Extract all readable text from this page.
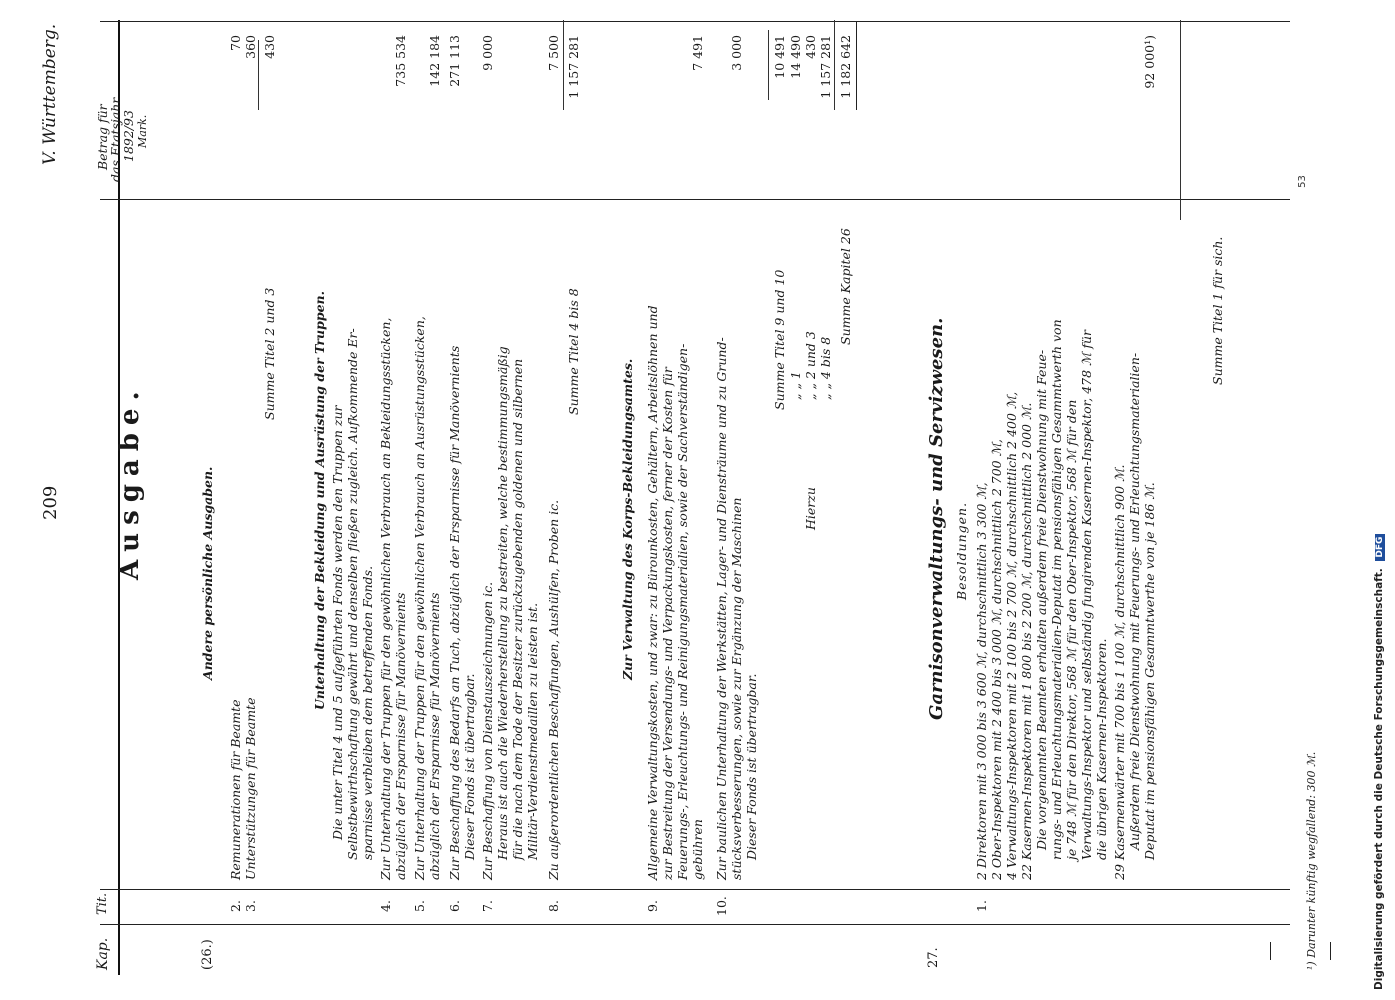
209
V. Württemberg.
Kap.
Tit.
Betrag für
das Etatsjahr
1892/93 Mark.
Ausgabe.
(26.)
Andere persönliche Ausgaben.
2.
Remunerationen für Beamte
70
3.
Unterstützungen für Beamte
360
Summe Titel 2 und 3
430
Unterhaltung der Bekleidung und Ausrüstung der Truppen. Die unter Titel 4 und 5 aufgeführten Fonds werden den Truppen zur Selbstbewirthschaftung gewährt und denselben fließen zugleich. Aufkommende Er- sparnisse verbleiben dem betreffenden Fonds.
4.
Zur Unterhaltung der Truppen für den gewöhnlichen Verbrauch an Bekleidungsstücken, abzüglich der Ersparnisse für Manövernients
735 534
5.
Zur Unterhaltung der Truppen für den gewöhnlichen Verbrauch an Ausrüstungsstücken, abzüglich der Ersparnisse für Manövernients
142 184
6.
Zur Beschaffung des Bedarfs an Tuch, abzüglich der Ersparnisse für Manövernients Dieser Fonds ist übertragbar.
271 113
7.
Zur Beschaffung von Dienstauszeichnungen ic. Heraus ist auch die Wiederherstellung zu bestreiten, welche bestimmungsmäßig für die nach dem Tode der Besitzer zurückzugebenden goldenen und silbernen Militär-Verdienstmedaillen zu leisten ist.
9 000
8.
Zu außerordentlichen Beschaffungen, Aushülfen, Proben ic.
7 500
Summe Titel 4 bis 8
1 157 281
Zur Verwaltung des Korps-Bekleidungsamtes.
9.
Allgemeine Verwaltungskosten, und zwar: zu Bürounkosten, Gehältern, Arbeitslöhnen und zur Bestreitung der Versendungs- und Verpackungskosten, ferner der Kosten für Feuerungs-, Erleuchtungs- und Reinigungsmaterialien, sowie der Sachverständigen- gebühren
7 491
10.
Zur baulichen Unterhaltung der Werkstätten, Lager- und Diensträume und zu Grund- stücksverbesserungen, sowie zur Ergänzung der Maschinen Dieser Fonds ist übertragbar.
3 000
Summe Titel 9 und 10
10 491
Hierzu
„ „ 1
14 490
„ „ 2 und 3
430
„ „ 4 bis 8
1 157 281
Summe Kapitel 26
1 182 642
27.
Garnisonverwaltungs- und Servizwesen. Besoldungen.
1.
2 Direktoren mit 3 000 bis 3 600 ℳ, durchschnittlich 3 300 ℳ, 2 Ober-Inspektoren mit 2 400 bis 3 000 ℳ, durchschnittlich 2 700 ℳ, 4 Verwaltungs-Inspektoren mit 2 100 bis 2 700 ℳ, durchschnittlich 2 400 ℳ, 22 Kasernen-Inspektoren mit 1 800 bis 2 200 ℳ, durchschnittlich 2 000 ℳ. Die vorgenannten Beamten erhalten außerdem freie Dienstwohnung mit Feue- rungs- und Erleuchtungsmaterialien-Deputat im pensionsfähigen Gesammtwerth von je 748 ℳ für den Direktor, 568 ℳ für den Ober-Inspektor, 568 ℳ für den Verwaltungs-Inspektor und selbständig fungirenden Kasernen-Inspektor, 478 ℳ für die übrigen Kasernen-Inspektoren. 29 Kasernenwärter mit 700 bis 1 100 ℳ, durchschnittlich 900 ℳ. Außerdem freie Dienstwohnung mit Feuerungs- und Erleuchtungsmaterialien- Deputat im pensionsfähigen Gesammtwerthe von je 186 ℳ.
92 000¹)
Summe Titel 1 für sich.
¹) Darunter künftig wegfallend: 300 ℳ.
53
Digitalisierung gefördert durch die Deutsche Forschungsgemeinschaft. DFG
